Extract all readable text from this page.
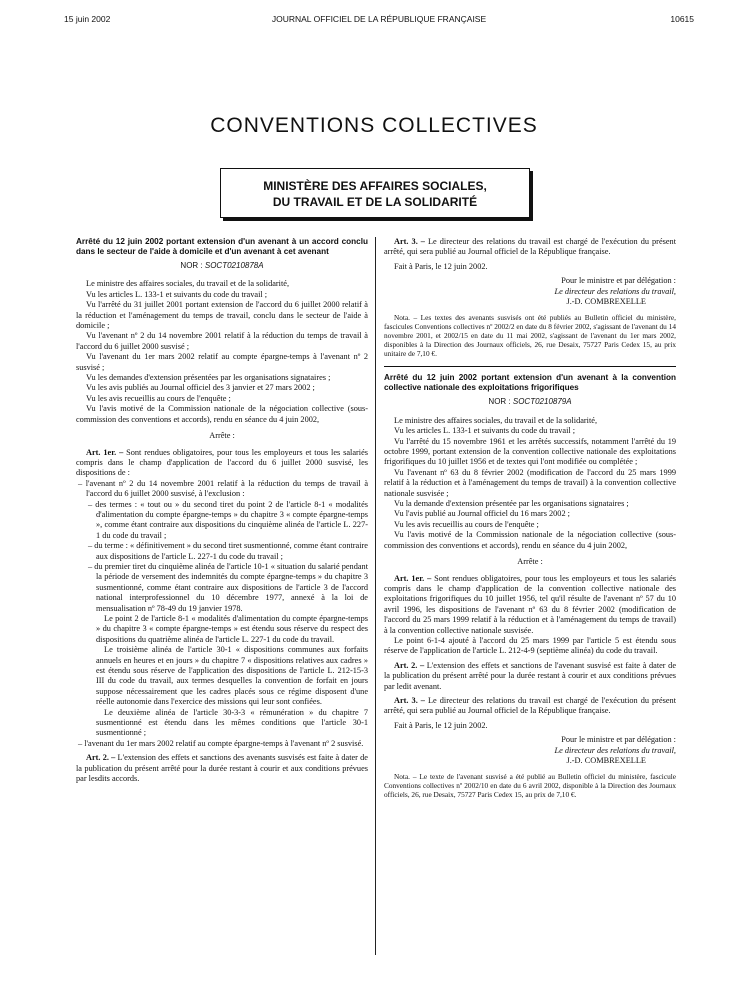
15 juin 2002	JOURNAL OFFICIEL DE LA RÉPUBLIQUE FRANÇAISE	10615
CONVENTIONS COLLECTIVES
MINISTÈRE DES AFFAIRES SOCIALES,
DU TRAVAIL ET DE LA SOLIDARITÉ
Arrêté du 12 juin 2002 portant extension d'un avenant à un accord conclu dans le secteur de l'aide à domicile et d'un avenant à cet avenant
NOR : SOCT0210878A

Le ministre des affaires sociales, du travail et de la solidarité,

Vu les articles L. 133-1 et suivants du code du travail ;

Vu l'arrêté du 31 juillet 2001 portant extension de l'accord du 6 juillet 2000 relatif à la réduction et l'aménagement du temps de travail, conclu dans le secteur de l'aide à domicile ;

Vu l'avenant nº 2 du 14 novembre 2001 relatif à la réduction du temps de travail à l'accord du 6 juillet 2000 susvisé ;

Vu l'avenant du 1er mars 2002 relatif au compte épargne-temps à l'avenant nº 2 susvisé ;

Vu les demandes d'extension présentées par les organisations signataires ;

Vu les avis publiés au Journal officiel des 3 janvier et 27 mars 2002 ;

Vu les avis recueillis au cours de l'enquête ;

Vu l'avis motivé de la Commission nationale de la négociation collective (sous-commission des conventions et accords), rendu en séance du 4 juin 2002,

Arrête :

Art. 1er. – Sont rendues obligatoires, pour tous les employeurs et tous les salariés compris dans le champ d'application de l'accord du 6 juillet 2000 susvisé, les dispositions de :

– l'avenant nº 2 du 14 novembre 2001 relatif à la réduction du temps de travail à l'accord du 6 juillet 2000 susvisé, à l'exclusion :

– des termes : « tout ou » du second tiret du point 2 de l'article 8-1 « modalités d'alimentation du compte épargne-temps » du chapitre 3 « compte épargne-temps », comme étant contraire aux dispositions du cinquième alinéa de l'article L. 227-1 du code du travail ;

– du terme : « définitivement » du second tiret susmentionné, comme étant contraire aux dispositions de l'article L. 227-1 du code du travail ;

– du premier tiret du cinquième alinéa de l'article 10-1 « situation du salarié pendant la période de versement des indemnités du compte épargne-temps » du chapitre 3 susmentionné, comme étant contraire aux dispositions de l'article 3 de l'accord national interprofessionnel du 10 décembre 1977, annexé à la loi de mensualisation nº 78-49 du 19 janvier 1978.

Le point 2 de l'article 8-1 « modalités d'alimentation du compte épargne-temps » du chapitre 3 « compte épargne-temps » est étendu sous réserve du respect des dispositions du quatrième alinéa de l'article L. 227-1 du code du travail.

Le troisième alinéa de l'article 30-1 « dispositions communes aux forfaits annuels en heures et en jours » du chapitre 7 « dispositions relatives aux cadres » est étendu sous réserve de l'application des dispositions de l'article L. 212-15-3 III du code du travail, aux termes desquelles la convention de forfait en jours suppose nécessairement que les cadres placés sous ce régime disposent d'une réelle autonomie dans l'exercice des missions qui leur sont confiées.

Le deuxième alinéa de l'article 30-3-3 « rémunération » du chapitre 7 susmentionné est étendu dans les mêmes conditions que l'article 30-1 susmentionné ;

– l'avenant du 1er mars 2002 relatif au compte épargne-temps à l'avenant nº 2 susvisé.

Art. 2. – L'extension des effets et sanctions des avenants susvisés est faite à dater de la publication du présent arrêté pour la durée restant à courir et aux conditions prévues par lesdits accords.

Art. 3. – Le directeur des relations du travail est chargé de l'exécution du présent arrêté, qui sera publié au Journal officiel de la République française.

Fait à Paris, le 12 juin 2002.

Pour le ministre et par délégation :

Le directeur des relations du travail,

J.-D. COMBREXELLE

Nota. – Les textes des avenants susvisés ont été publiés au Bulletin officiel du ministère, fascicules Conventions collectives nº 2002/2 en date du 8 février 2002, s'agissant de l'avenant du 14 novembre 2001, et 2002/15 en date du 11 mai 2002, s'agissant de l'avenant du 1er mars 2002, disponibles à la Direction des Journaux officiels, 26, rue Desaix, 75727 Paris Cedex 15, au prix unitaire de 7,10 €.

Arrêté du 12 juin 2002 portant extension d'un avenant à la convention collective nationale des exploitations frigorifiques
NOR : SOCT0210879A

Le ministre des affaires sociales, du travail et de la solidarité,

Vu les articles L. 133-1 et suivants du code du travail ;

Vu l'arrêté du 15 novembre 1961 et les arrêtés successifs, notamment l'arrêté du 19 octobre 1999, portant extension de la convention collective nationale des exploitations frigorifiques du 10 juillet 1956 et de textes qui l'ont modifiée ou complétée ;

Vu l'avenant nº 63 du 8 février 2002 (modification de l'accord du 25 mars 1999 relatif à la réduction et à l'aménagement du temps de travail) à la convention collective nationale susvisée ;

Vu la demande d'extension présentée par les organisations signataires ;

Vu l'avis publié au Journal officiel du 16 mars 2002 ;

Vu les avis recueillis au cours de l'enquête ;

Vu l'avis motivé de la Commission nationale de la négociation collective (sous-commission des conventions et accords), rendu en séance du 4 juin 2002,

Arrête :

Art. 1er. – Sont rendues obligatoires, pour tous les employeurs et tous les salariés compris dans le champ d'application de la convention collective nationale des exploitations frigorifiques du 10 juillet 1956, tel qu'il résulte de l'avenant nº 57 du 10 avril 1996, les dispositions de l'avenant nº 63 du 8 février 2002 (modification de l'accord du 25 mars 1999 relatif à la réduction et à l'aménagement du temps de travail) à la convention collective nationale susvisée.

Le point 6-1-4 ajouté à l'accord du 25 mars 1999 par l'article 5 est étendu sous réserve de l'application de l'article L. 212-4-9 (septième alinéa) du code du travail.

Art. 2. – L'extension des effets et sanctions de l'avenant susvisé est faite à dater de la publication du présent arrêté pour la durée restant à courir et aux conditions prévues par ledit avenant.

Art. 3. – Le directeur des relations du travail est chargé de l'exécution du présent arrêté, qui sera publié au Journal officiel de la République française.

Fait à Paris, le 12 juin 2002.

Pour le ministre et par délégation :

Le directeur des relations du travail,

J.-D. COMBREXELLE

Nota. – Le texte de l'avenant susvisé a été publié au Bulletin officiel du ministère, fascicule Conventions collectives nº 2002/10 en date du 6 avril 2002, disponible à la Direction des Journaux officiels, 26, rue Desaix, 75727 Paris Cedex 15, au prix de 7,10 €.
